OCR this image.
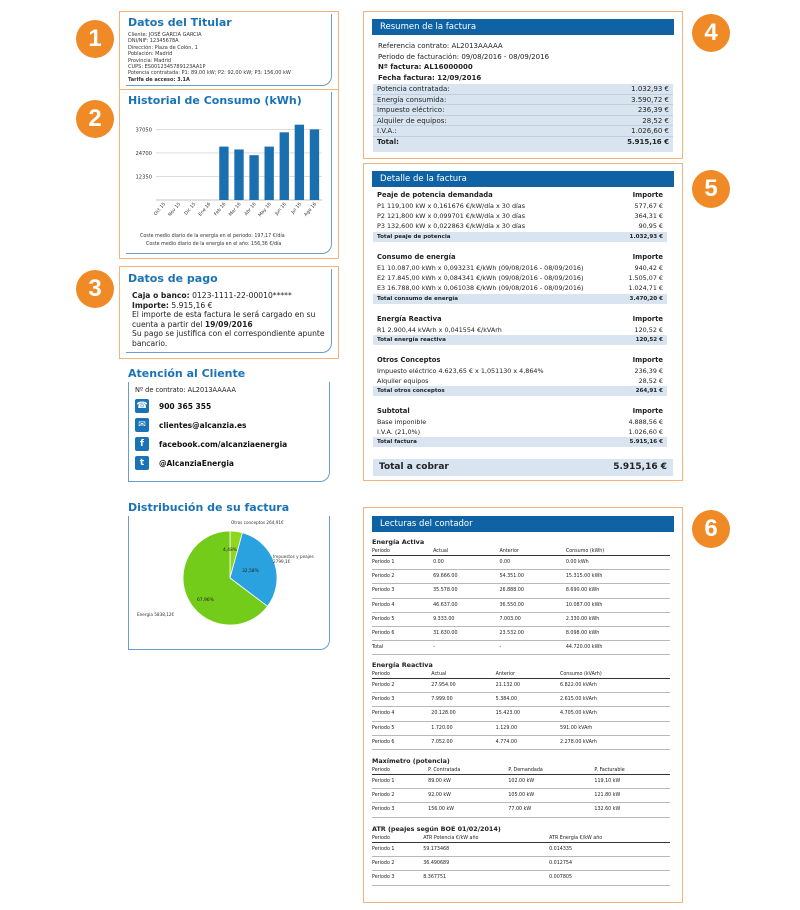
1
2
3
4
5
6
Datos del Titular
Cliente: JOSÉ GARCIA GARCIA
DNI/NIF: 12345678A
Dirección: Plaza de Colón, 1
Población: Madrid
Provincia: Madrid
CUPS: ES0012345789123AA1P
Potencia contratada: P1: 89,00 kW; P2: 92,00 kW; P3: 156,00 kW
Tarifa de acceso: 3.1A
Historial de Consumo (kWh)
12350
24700
37050
Oct 15 Nov 15 Dic 15 Ene 16 Feb 16 Mar 16 Abr 16 May 16 Jun 16 Jul 16 Ago 16
Coste medio diario de la energía en el periodo: 197,17 €/día
Coste medio diario de la energía en el año: 156,36 €/día
Datos de pago
Caja o banco: 0123-1111-22-00010*****
Importe: 5.915,16 €
El importe de esta factura le será cargado en su cuenta a partir del 19/09/2016
Su pago se justifica con el correspondiente apunte bancario.
Atención al Cliente
Nº de contrato: AL2013AAAAA
☎ 900 365 355
✉	clientes@alcanzia.es
f	facebook.com/alcanziaenergia
t	@AlcanziaEnergia
Distribución de su factura
Otros conceptos 264,91€
Impuestos y peajes 2799,1€
Energía 5838,12€
4,48%
32,58%
67,96%
Resumen de la factura
Referencia contrato: AL2013AAAAA
Periodo de facturación: 09/08/2016 - 08/09/2016
Nº factura: AL16000000
Fecha factura: 12/09/2016
Potencia contratada:	1.032,93 €
Energía consumida:	3.590,72 €
Impuesto eléctrico:	236,39 €
Alquiler de equipos:	28,52 €
I.V.A.:	1.026,60 €
Total:	5.915,16 €
Detalle de la factura
Peaje de potencia demandada	Importe
P1 119,100 kW x 0,161676 €/kW/día x 30 días	577,67 €
P2 121,800 kW x 0,099701 €/kW/día x 30 días	364,31 €
P3 132,600 kW x 0,022863 €/kW/día x 30 días	90,95 €
Total peaje de potencia	1.032,93 €
Consumo de energía	Importe
E1 10.087,00 kWh x 0,093231 €/kWh (09/08/2016 - 08/09/2016)	940,42 €
E2 17.845,00 kWh x 0,084341 €/kWh (09/08/2016 - 08/09/2016)	1.505,07 €
E3 16.788,00 kWh x 0,061038 €/kWh (09/08/2016 - 08/09/2016)	1.024,71 €
Total consumo de energía	3.470,20 €
Energía Reactiva	Importe
R1 2.900,44 kVArh x 0,041554 €/kVArh	120,52 €
Total energía reactiva	120,52 €
Otros Conceptos	Importe
Impuesto eléctrico 4.623,65 € x 1,051130 x 4,864%	236,39 €
Alquiler equipos	28,52 €
Total otros conceptos	264,91 €
Subtotal	Importe
Base imponible	4.888,56 €
I.V.A. (21,0%)	1.026,60 €
Total factura	5.915,16 €
Total a cobrar	5.915,16 €
Lecturas del contador
Energía Activa
Periodo	Actual	Anterior	Consumo (kWh)
Periodo 1	0.00	0.00	0.00 kWh
Periodo 2	69.666.00	54.351.00	15.315.00 kWh
Periodo 3	35.578.00	26.888.00	8.690.00 kWh
Periodo 4	46.637.00	36.550.00	10.087.00 kWh
Periodo 5	9.333.00	7.003.00	2.330.00 kWh
Periodo 6	31.630.00	23.532.00	8.098.00 kWh
Total	-	-	44.720.00 kWh
Energía Reactiva
Periodo	Actual	Anterior	Consumo (kVArh)
Periodo 2	27.954.00	21.132.00	6.822.00 kVArh
Periodo 3	7.999.00	5.384.00	2.615.00 kVArh
Periodo 4	20.128.00	15.423.00	4.705.00 kVArh
Periodo 5	1.720.00	1.129.00	591.00 kVArh
Periodo 6	7.052.00	4.774.00	2.278.00 kVArh
Maxímetro (potencia)
Periodo	P. Contratada	P. Demandada	P. Facturable
Periodo 1	89.00 kW	102.00 kW	119.10 kW
Periodo 2	92.00 kW	105.00 kW	121.80 kW
Periodo 3	156.00 kW	77.00 kW	132.60 kW
ATR (peajes según BOE 01/02/2014)
Periodo	ATR Potencia €/kW año	ATR Energía €/kW año
Periodo 1	59.173468	0.014335
Periodo 2	36.490689	0.012754
Periodo 3	8.367751	0.007805
